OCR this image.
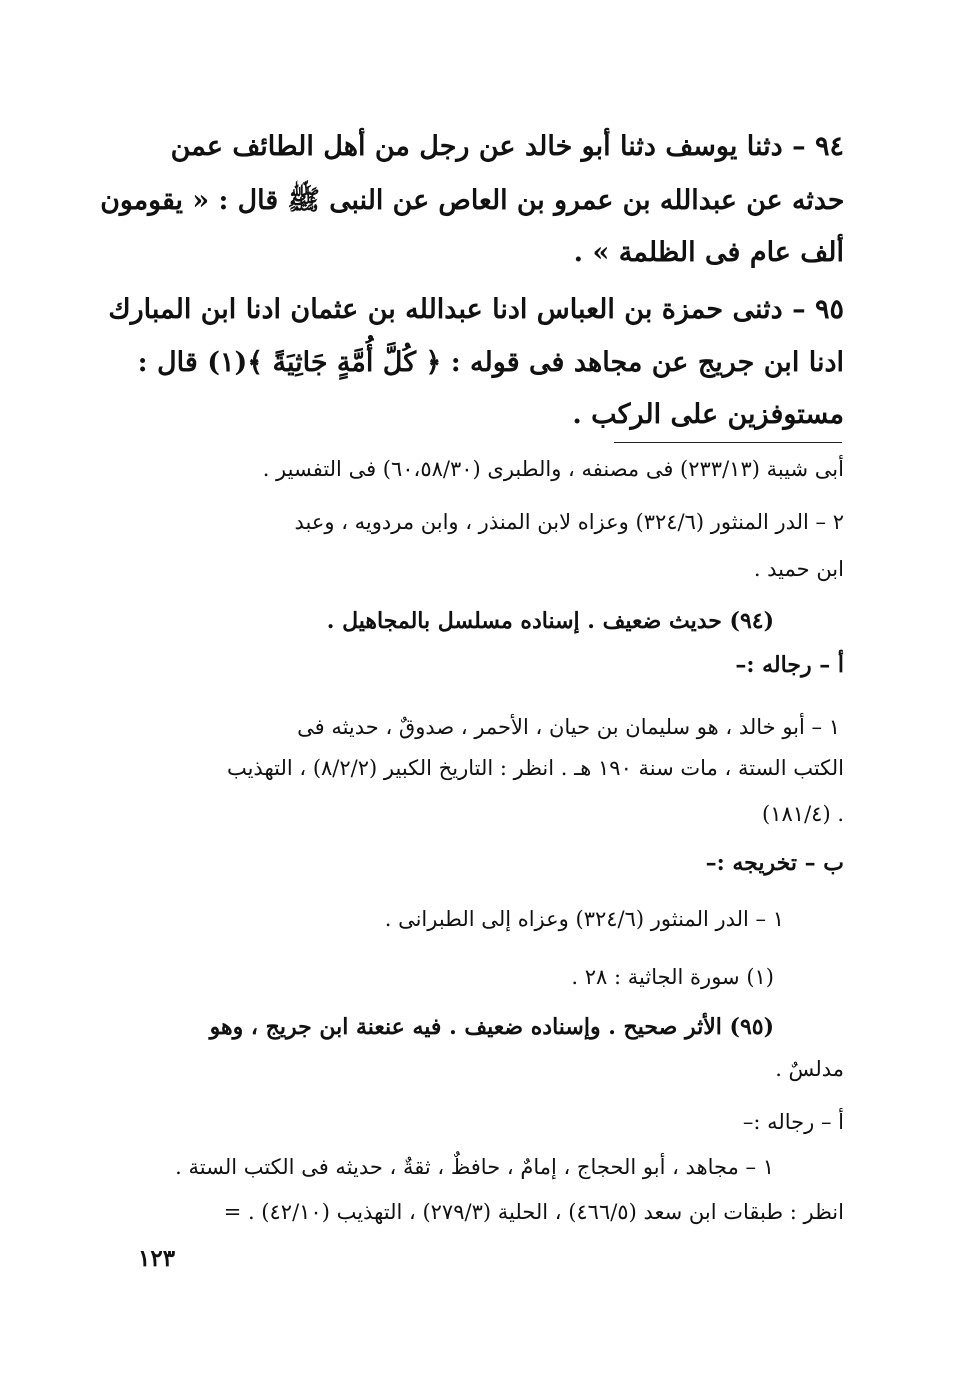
٩٤ – دثنا يوسف دثنا أبو خالد عن رجل من أهل الطائف عمن
حدثه عن عبدالله بن عمرو بن العاص عن النبى ﷺ قال : « يقومون
ألف عام فى الظلمة » .
٩٥ – دثنى حمزة بن العباس ادنا عبدالله بن عثمان ادنا ابن المبارك
ادنا ابن جريج عن مجاهد فى قوله : ﴿ كُلَّ أُمَّةٍ جَاثِيَةً ﴾(١) قال :
مستوفزين على الركب .
أبى شيبة (٢٣٣/١٣) فى مصنفه ، والطبرى (٦٠،٥٨/٣٠) فى التفسير .
٢ – الدر المنثور (٣٢٤/٦) وعزاه لابن المنذر ، وابن مردويه ، وعبد
ابن حميد .
(٩٤) حديث ضعيف . إسناده مسلسل بالمجاهيل .
أ – رجاله :–
١ – أبو خالد ، هو سليمان بن حيان ، الأحمر ، صدوقٌ ، حديثه فى
الكتب الستة ، مات سنة ١٩٠ هـ . انظر : التاريخ الكبير (٨/٢/٢) ، التهذيب
. (١٨١/٤)
ب – تخريجه :–
١ – الدر المنثور (٣٢٤/٦) وعزاه إلى الطبرانى .
(١) سورة الجاثية : ٢٨ .
(٩٥) الأثر صحيح . وإسناده ضعيف . فيه عنعنة ابن جريج ، وهو
مدلسٌ .
أ – رجاله :–
١ – مجاهد ، أبو الحجاج ، إمامٌ ، حافظٌ ، ثقةٌ ، حديثه فى الكتب الستة .
انظر : طبقات ابن سعد (٤٦٦/٥) ، الحلية (٢٧٩/٣) ، التهذيب (٤٢/١٠) . =
١٢٣
